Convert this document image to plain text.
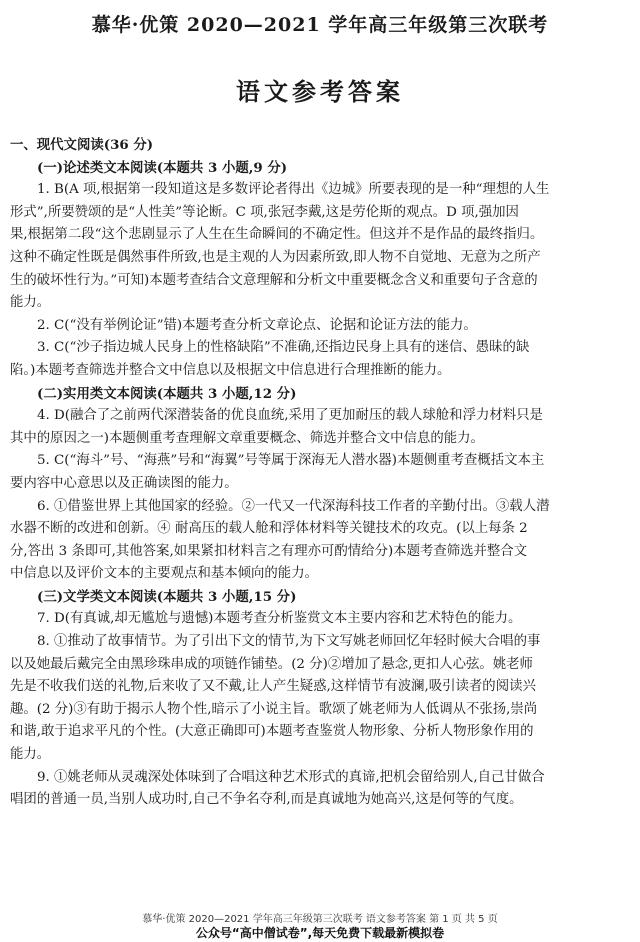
慕华·优策 2020—2021 学年高三年级第三次联考
语文参考答案
一、现代文阅读(36 分)
(一)论述类文本阅读(本题共 3 小题,9 分)
1. B(A 项,根据第一段知道这是多数评论者得出《边城》所要表现的是一种“理想的人生
形式”,所要赞颂的是“人性美”等论断。C 项,张冠李戴,这是劳伦斯的观点。D 项,强加因
果,根据第二段“这个悲剧显示了人生在生命瞬间的不确定性。但这并不是作品的最终指归。
这种不确定性既是偶然事件所致,也是主观的人为因素所致,即人物不自觉地、无意为之所产
生的破坏性行为。”可知)本题考查结合文意理解和分析文中重要概念含义和重要句子含意的
能力。
2. C(“没有举例论证”错)本题考查分析文章论点、论据和论证方法的能力。
3. C(“沙子指边城人民身上的性格缺陷”不准确,还指边民身上具有的迷信、愚昧的缺
陷。)本题考查筛选并整合文中信息以及根据文中信息进行合理推断的能力。
(二)实用类文本阅读(本题共 3 小题,12 分)
4. D(融合了之前两代深潜装备的优良血统,采用了更加耐压的载人球舱和浮力材料只是
其中的原因之一)本题侧重考查理解文章重要概念、筛选并整合文中信息的能力。
5. C(“海斗”号、“海燕”号和“海翼”号等属于深海无人潜水器)本题侧重考查概括文本主
要内容中心意思以及正确读图的能力。
6. ①借鉴世界上其他国家的经验。②一代又一代深海科技工作者的辛勤付出。③载人潜
水器不断的改进和创新。④ 耐高压的载人舱和浮体材料等关键技术的攻克。(以上每条 2
分,答出 3 条即可,其他答案,如果紧扣材料言之有理亦可酌情给分)本题考查筛选并整合文
中信息以及评价文本的主要观点和基本倾向的能力。
(三)文学类文本阅读(本题共 3 小题,15 分)
7. D(有真诚,却无尴尬与遗憾)本题考查分析鉴赏文本主要内容和艺术特色的能力。
8. ①推动了故事情节。为了引出下文的情节,为下文写姚老师回忆年轻时候大合唱的事
以及她最后戴完全由黑珍珠串成的项链作铺垫。(2 分)②增加了悬念,更扣人心弦。姚老师
先是不收我们送的礼物,后来收了又不戴,让人产生疑惑,这样情节有波澜,吸引读者的阅读兴
趣。(2 分)③有助于揭示人物个性,暗示了小说主旨。歌颂了姚老师为人低调从不张扬,崇尚
和谐,敢于追求平凡的个性。(大意正确即可)本题考查鉴赏人物形象、分析人物形象作用的
能力。
9. ①姚老师从灵魂深处体味到了合唱这种艺术形式的真谛,把机会留给别人,自己甘做合
唱团的普通一员,当别人成功时,自己不争名夺利,而是真诚地为她高兴,这是何等的气度。
慕华·优策 2020—2021 学年高三年级第三次联考 语文参考答案 第 1 页 共 5 页
公众号“高中僧试卷”,每天免费下载最新模拟卷
